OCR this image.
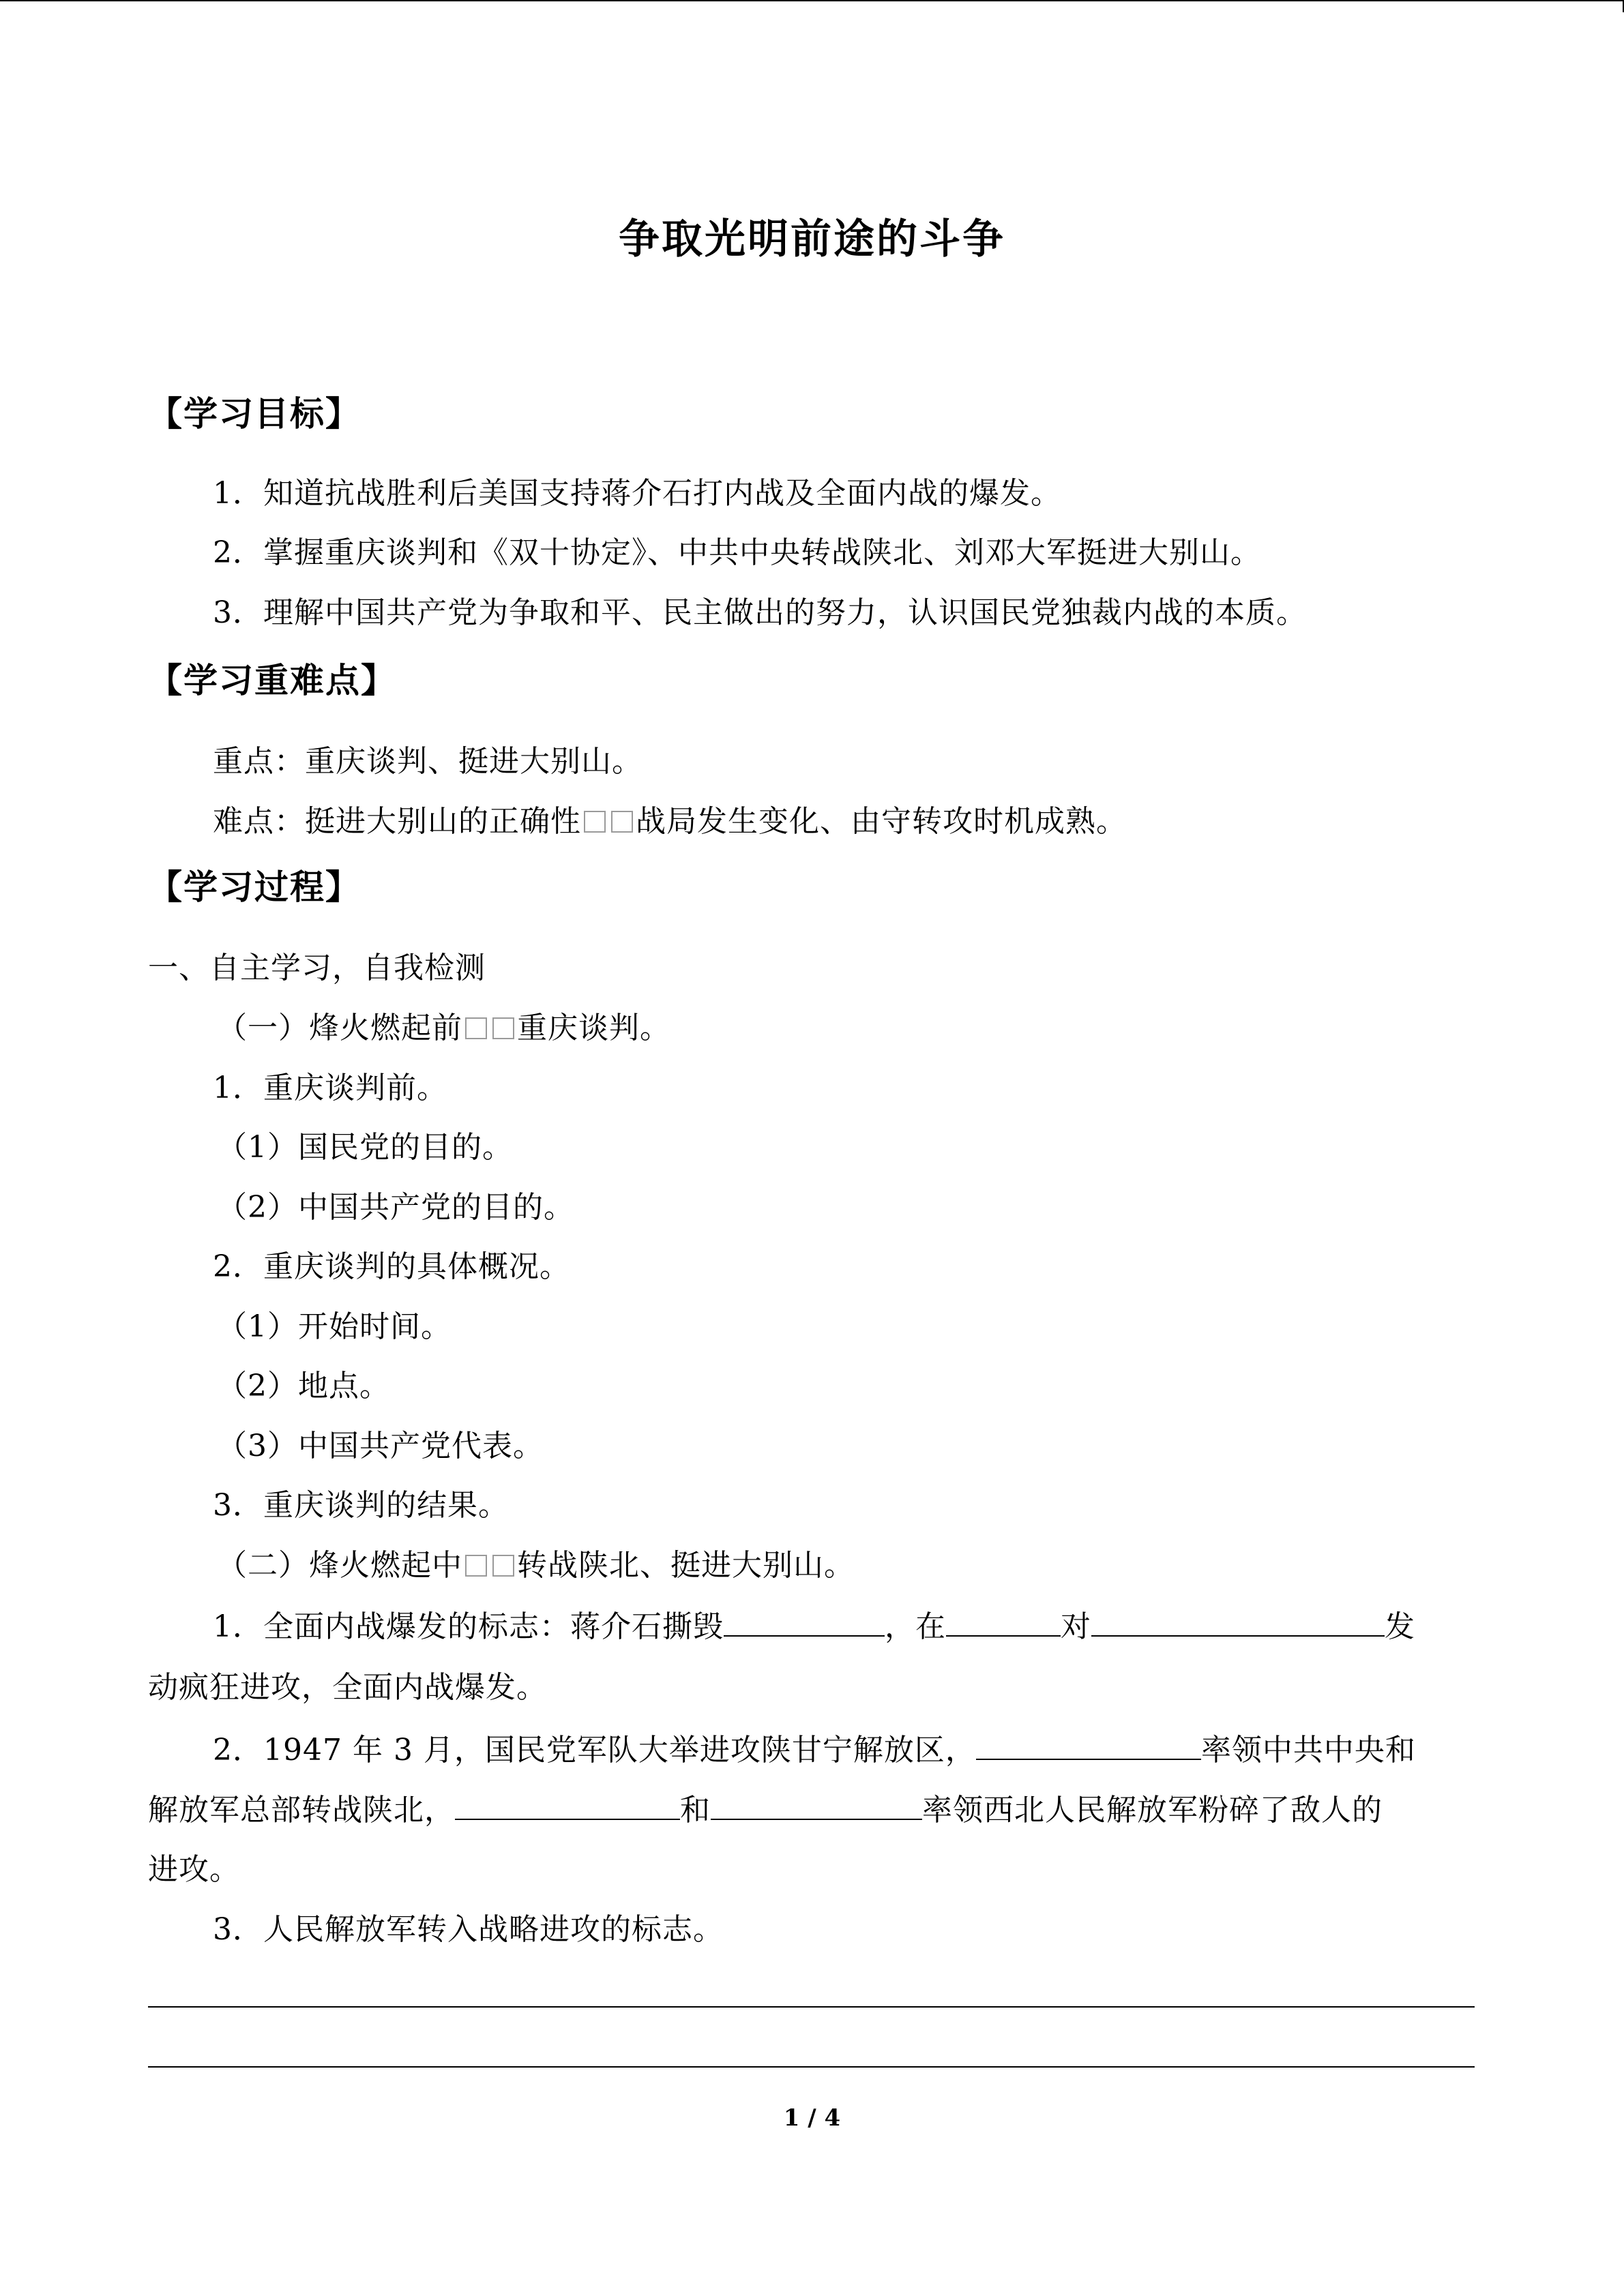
争取光明前途的斗争
【学习目标】
1．知道抗战胜利后美国支持蒋介石打内战及全面内战的爆发。
2．掌握重庆谈判和《双十协定》、中共中央转战陕北、刘邓大军挺进大别山。
3．理解中国共产党为争取和平、民主做出的努力，认识国民党独裁内战的本质。
【学习重难点】
重点：重庆谈判、挺进大别山。
难点：挺进大别山的正确性 战局发生变化、由守转攻时机成熟。
【学习过程】
一、自主学习，自我检测
（一）烽火燃起前 重庆谈判。
1．重庆谈判前。
（1）国民党的目的。
（2）中国共产党的目的。
2．重庆谈判的具体概况。
（1）开始时间。
（2）地点。
（3）中国共产党代表。
3．重庆谈判的结果。
（二）烽火燃起中 转战陕北、挺进大别山。
1．全面内战爆发的标志：蒋介石撕毁	，在	对	发
动疯狂进攻，全面内战爆发。
2．1947 年 3 月，国民党军队大举进攻陕甘宁解放区，	率领中共中央和
解放军总部转战陕北，	和	率领西北人民解放军粉碎了敌人的
进攻。
3．人民解放军转入战略进攻的标志。
1 / 4
